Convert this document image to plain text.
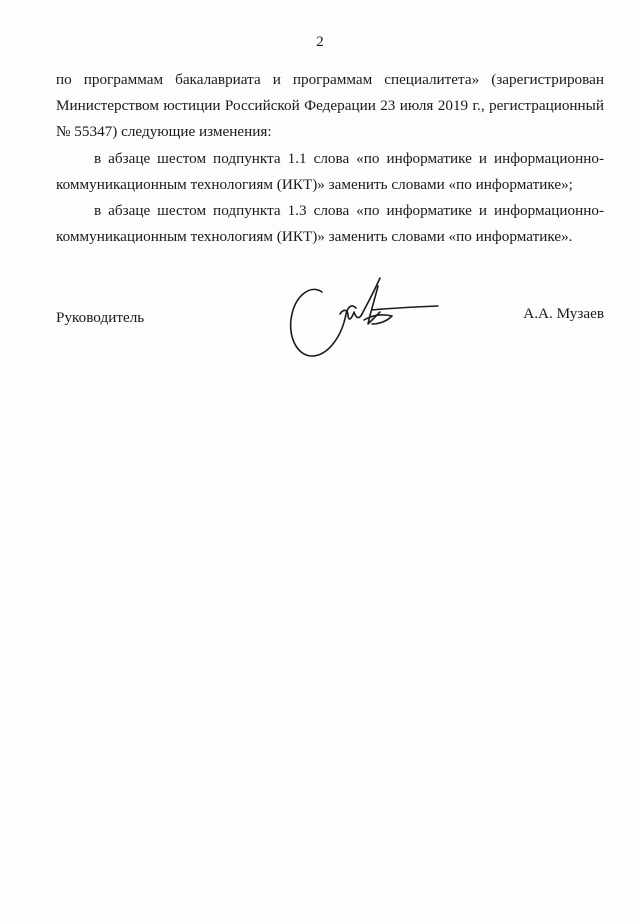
2
по программам бакалавриата и программам специалитета» (зарегистрирован
Министерством юстиции Российской Федерации 23 июля 2019 г., регистрационный
№ 55347) следующие изменения:
в абзаце шестом подпункта 1.1 слова «по информатике и информационно-
коммуникационным технологиям (ИКТ)» заменить словами «по информатике»;
в абзаце шестом подпункта 1.3 слова «по информатике и информационно-
коммуникационным технологиям (ИКТ)» заменить словами «по информатике».
Руководитель	А.А. Музаев
